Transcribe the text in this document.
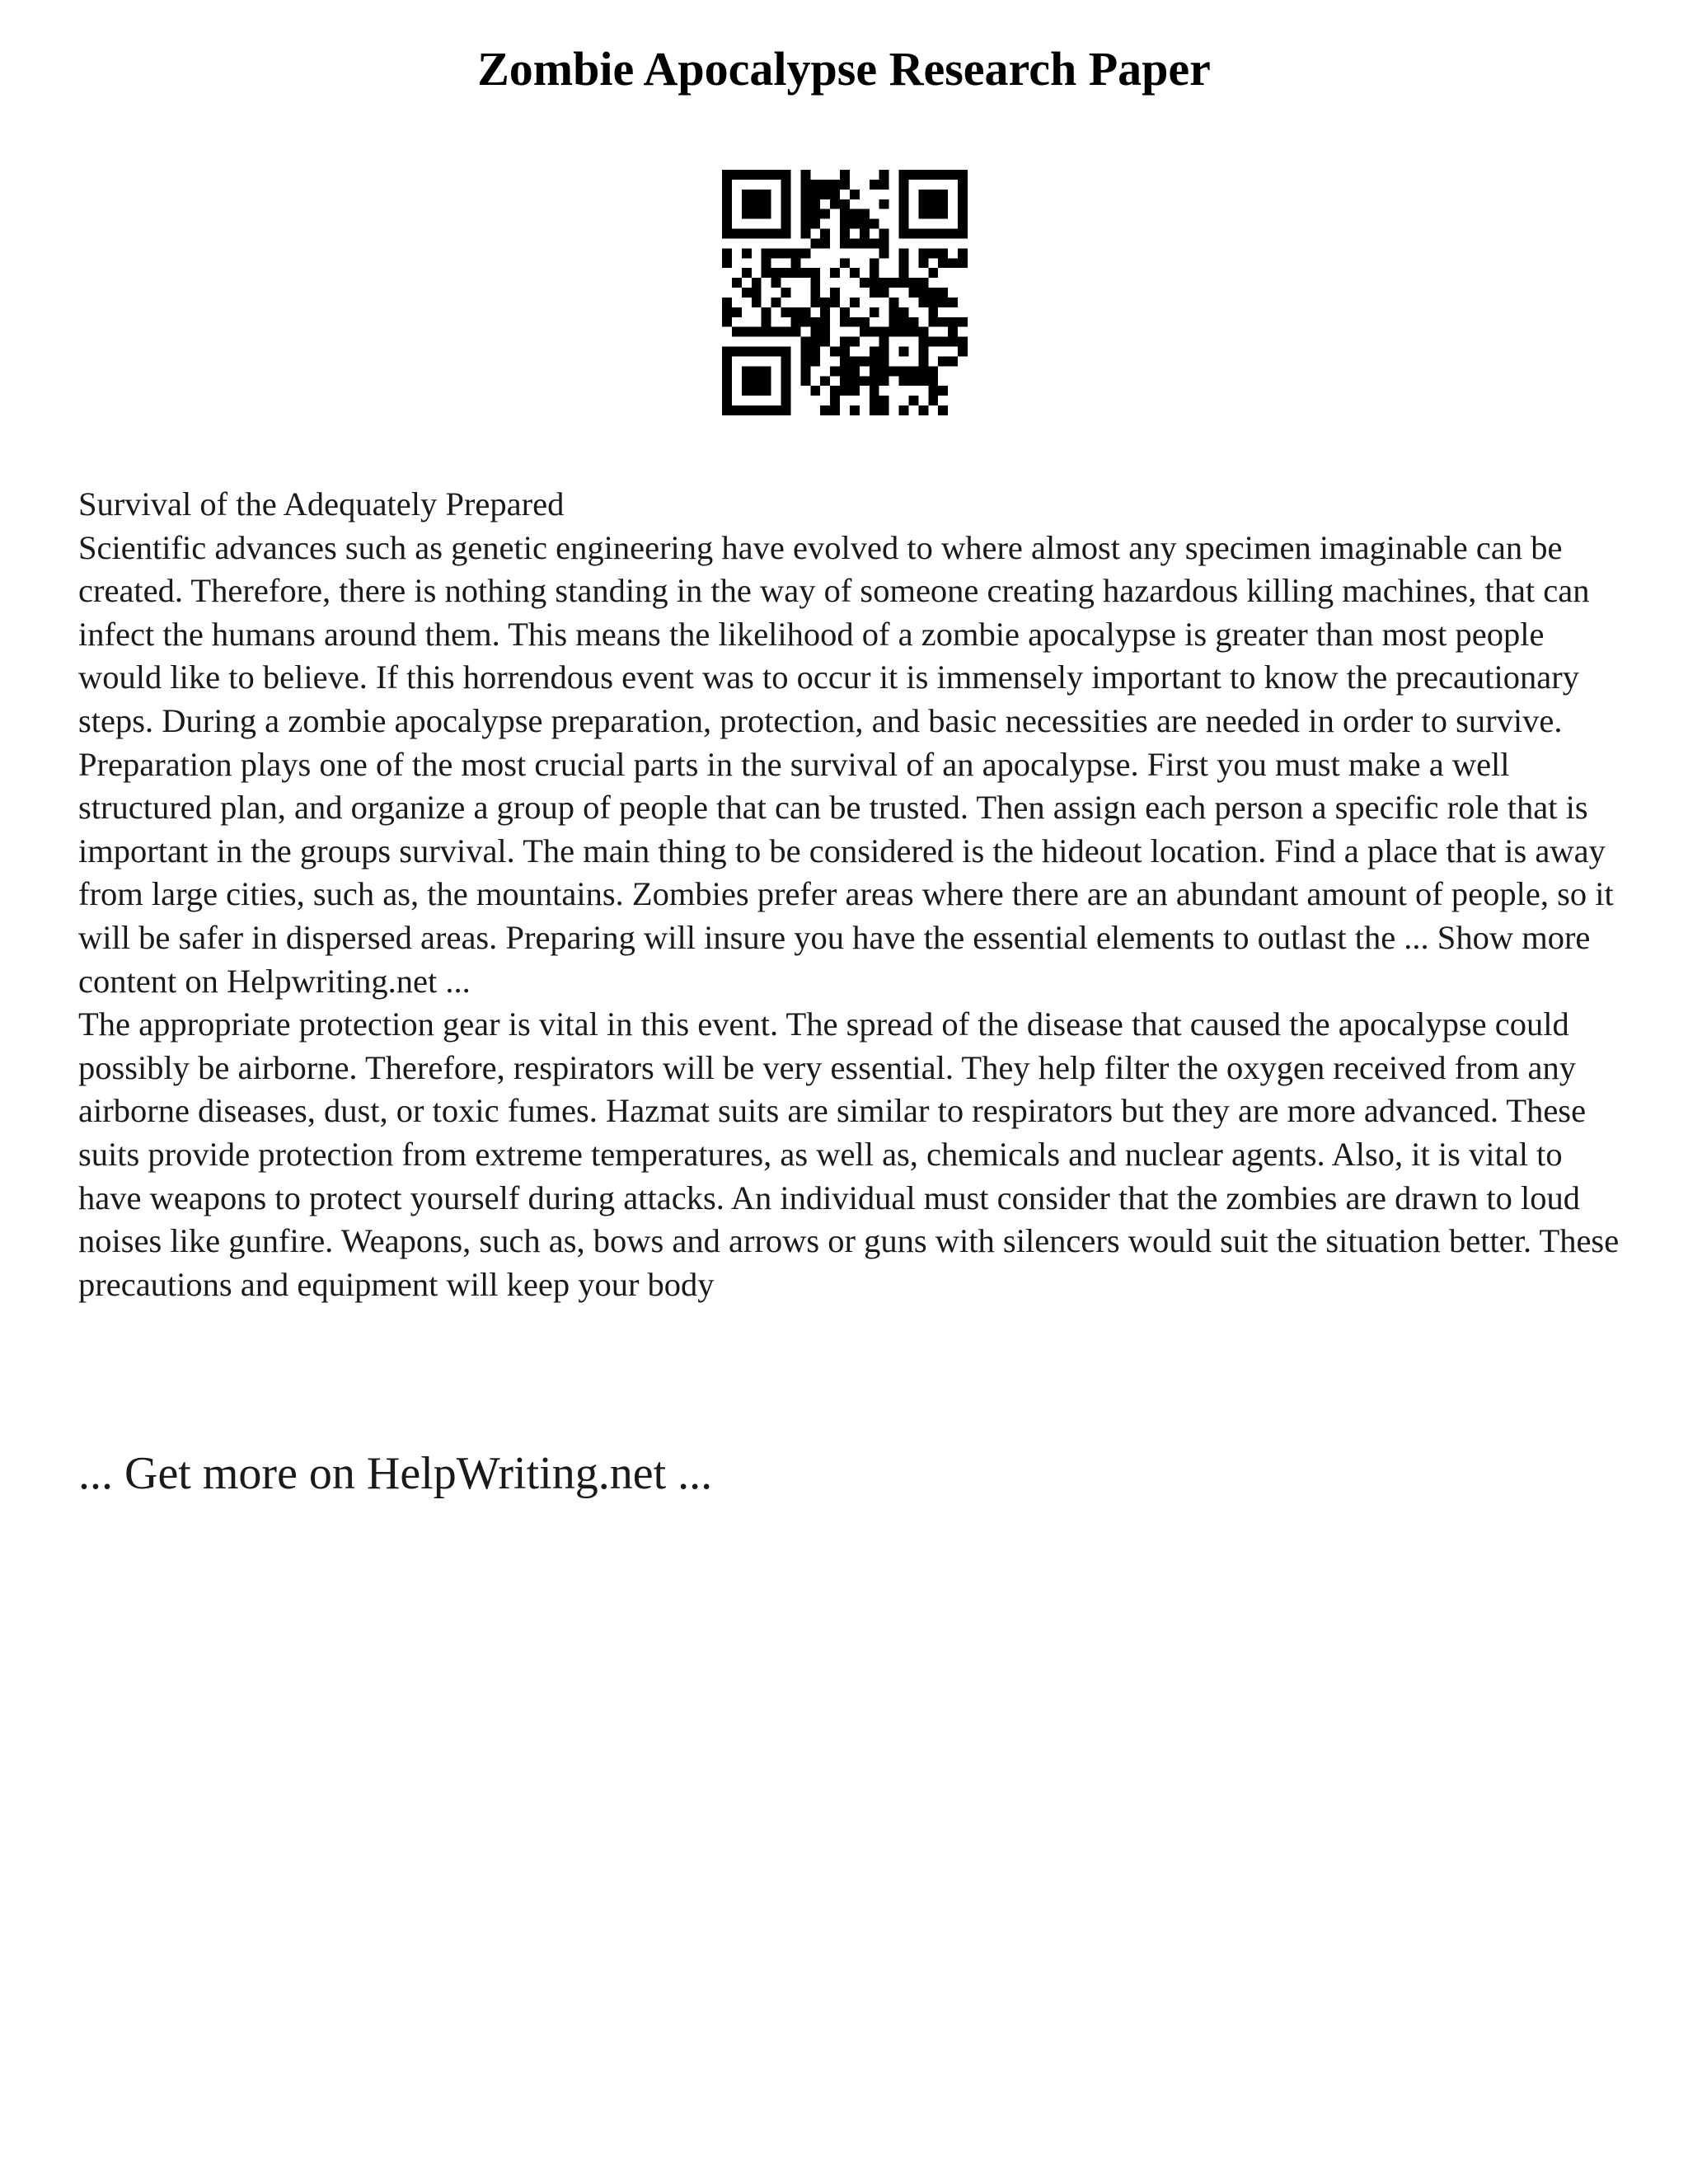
Zombie Apocalypse Research Paper

Survival of the Adequately Prepared

Scientific advances such as genetic engineering have evolved to where almost any specimen imaginable can be created. Therefore, there is nothing standing in the way of someone creating hazardous killing machines, that can infect the humans around them. This means the likelihood of a zombie apocalypse is greater than most people would like to believe. If this horrendous event was to occur it is immensely important to know the precautionary steps. During a zombie apocalypse preparation, protection, and basic necessities are needed in order to survive. Preparation plays one of the most crucial parts in the survival of an apocalypse. First you must make a well structured plan, and organize a group of people that can be trusted. Then assign each person a specific role that is important in the groups survival. The main thing to be considered is the hideout location. Find a place that is away from large cities, such as, the mountains. Zombies prefer areas where there are an abundant amount of people, so it will be safer in dispersed areas. Preparing will insure you have the essential elements to outlast the ... Show more content on Helpwriting.net ...

The appropriate protection gear is vital in this event. The spread of the disease that caused the apocalypse could possibly be airborne. Therefore, respirators will be very essential. They help filter the oxygen received from any airborne diseases, dust, or toxic fumes. Hazmat suits are similar to respirators but they are more advanced. These suits provide protection from extreme temperatures, as well as, chemicals and nuclear agents. Also, it is vital to have weapons to protect yourself during attacks. An individual must consider that the zombies are drawn to loud noises like gunfire. Weapons, such as, bows and arrows or guns with silencers would suit the situation better. These precautions and equipment will keep your body

... Get more on HelpWriting.net ...
